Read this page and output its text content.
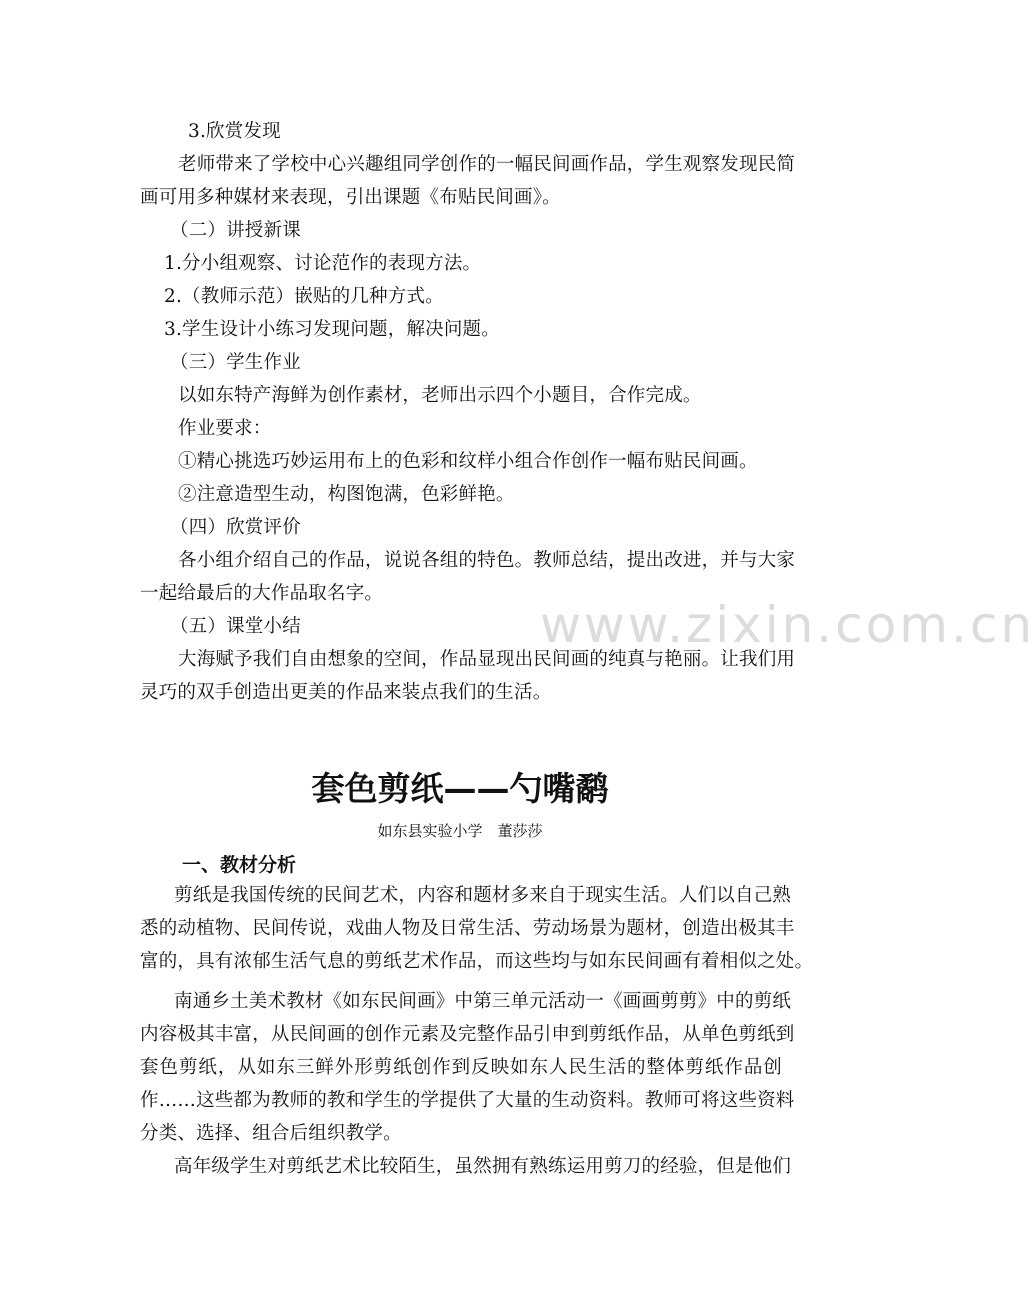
www.zixin.com.cn
3.欣赏发现
老师带来了学校中心兴趣组同学创作的一幅民间画作品，学生观察发现民简
画可用多种媒材来表现，引出课题《布贴民间画》。
（二）讲授新课
1.分小组观察、讨论范作的表现方法。
2.（教师示范）嵌贴的几种方式。
3.学生设计小练习发现问题，解决问题。
（三）学生作业
以如东特产海鲜为创作素材，老师出示四个小题目，合作完成。
作业要求：
①精心挑选巧妙运用布上的色彩和纹样小组合作创作一幅布贴民间画。
②注意造型生动，构图饱满，色彩鲜艳。
（四）欣赏评价
各小组介绍自己的作品，说说各组的特色。教师总结，提出改进，并与大家
一起给最后的大作品取名字。
（五）课堂小结
大海赋予我们自由想象的空间，作品显现出民间画的纯真与艳丽。让我们用
灵巧的双手创造出更美的作品来装点我们的生活。
套色剪纸——勺嘴鹬
如东县实验小学　董莎莎
一、教材分析
剪纸是我国传统的民间艺术，内容和题材多来自于现实生活。人们以自己熟
悉的动植物、民间传说，戏曲人物及日常生活、劳动场景为题材，创造出极其丰
富的，具有浓郁生活气息的剪纸艺术作品，而这些均与如东民间画有着相似之处。
南通乡土美术教材《如东民间画》中第三单元活动一《画画剪剪》中的剪纸
内容极其丰富，从民间画的创作元素及完整作品引申到剪纸作品，从单色剪纸到
套色剪纸，从如东三鲜外形剪纸创作到反映如东人民生活的整体剪纸作品创
作……这些都为教师的教和学生的学提供了大量的生动资料。教师可将这些资料
分类、选择、组合后组织教学。
高年级学生对剪纸艺术比较陌生，虽然拥有熟练运用剪刀的经验，但是他们
